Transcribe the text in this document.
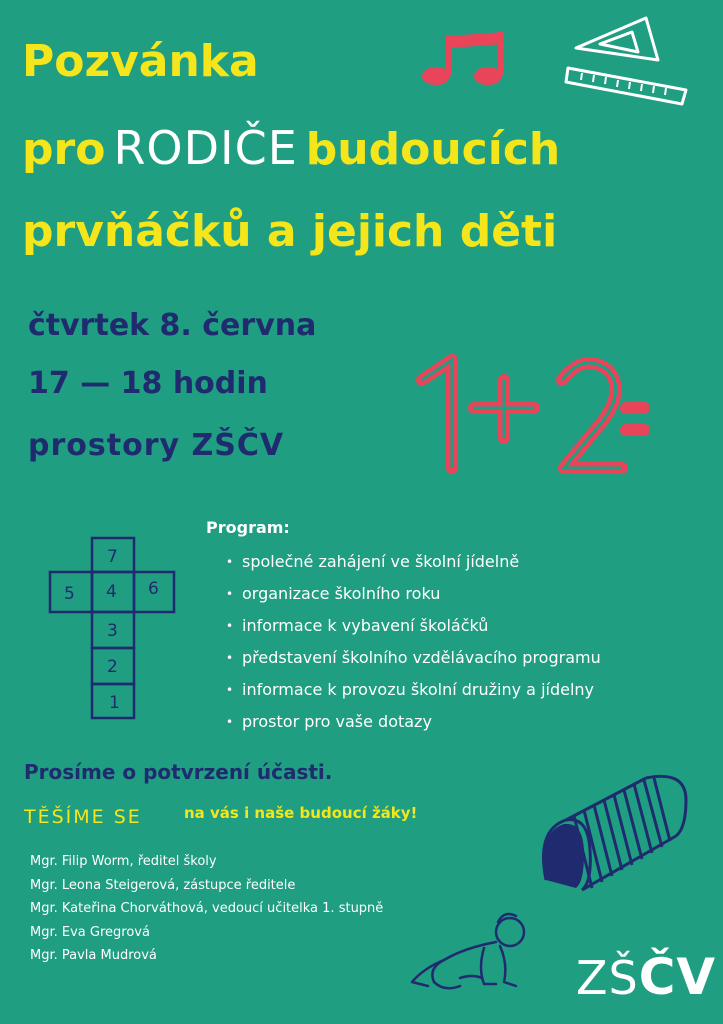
Pozvánka
pro RODIČE budoucích
prvňáčků a jejich děti
čtvrtek 8. června
17 — 18 hodin
prostory ZŠČV
7
5 4 6
3
2
1
Program:
• společné zahájení ve školní jídelně
• organizace školního roku
• informace k vybavení školáčků
• představení školního vzdělávacího programu
• informace k provozu školní družiny a jídelny
• prostor pro vaše dotazy
Prosíme o potvrzení účasti.
TĚŠÍME SE	na vás i naše budoucí žáky!
Mgr. Filip Worm, ředitel školy
Mgr. Leona Steigerová, zástupce ředitele
Mgr. Kateřina Chorváthová, vedoucí učitelka 1. stupně
Mgr. Eva Gregrová
Mgr. Pavla Mudrová	ZŠČV
